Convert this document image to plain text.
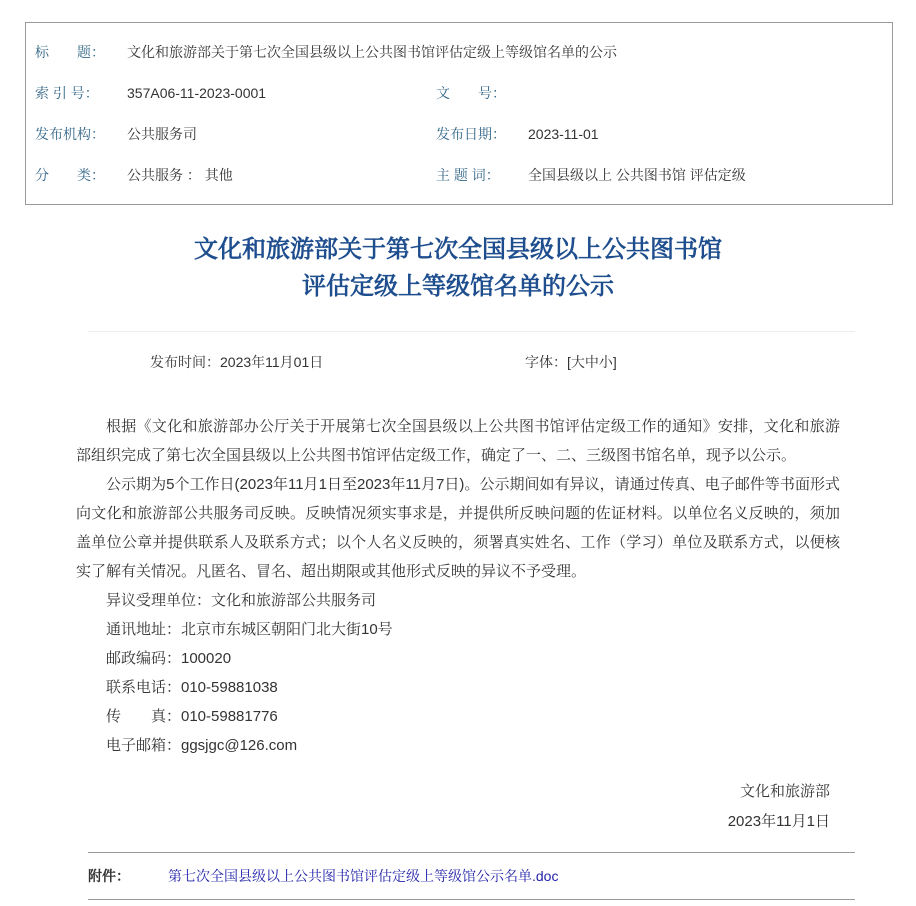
标　　题：	文化和旅游部关于第七次全国县级以上公共图书馆评估定级上等级馆名单的公示
索 引 号：	357A06-11-2023-0001	文　　号：
发布机构：	公共服务司	发布日期：	2023-11-01
分　　类：	公共服务 ： 其他	主 题 词：	全国县级以上 公共图书馆 评估定级
文化和旅游部关于第七次全国县级以上公共图书馆
评估定级上等级馆名单的公示
发布时间：2023年11月01日	字体：[大中小]

根据《文化和旅游部办公厅关于开展第七次全国县级以上公共图书馆评估定级工作的通知》安排，文化和旅游部组织完成了第七次全国县级以上公共图书馆评估定级工作，确定了一、二、三级图书馆名单，现予以公示。

公示期为5个工作日(2023年11月1日至2023年11月7日)。公示期间如有异议，请通过传真、电子邮件等书面形式向文化和旅游部公共服务司反映。反映情况须实事求是，并提供所反映问题的佐证材料。以单位名义反映的，须加盖单位公章并提供联系人及联系方式；以个人名义反映的，须署真实姓名、工作（学习）单位及联系方式，以便核实了解有关情况。凡匿名、冒名、超出期限或其他形式反映的异议不予受理。

异议受理单位：文化和旅游部公共服务司
通讯地址：北京市东城区朝阳门北大街10号
邮政编码：100020
联系电话：010-59881038
传　　真：010-59881776
电子邮箱：ggsjgc@126.com
文化和旅游部
2023年11月1日
附件：	第七次全国县级以上公共图书馆评估定级上等级馆公示名单.doc
